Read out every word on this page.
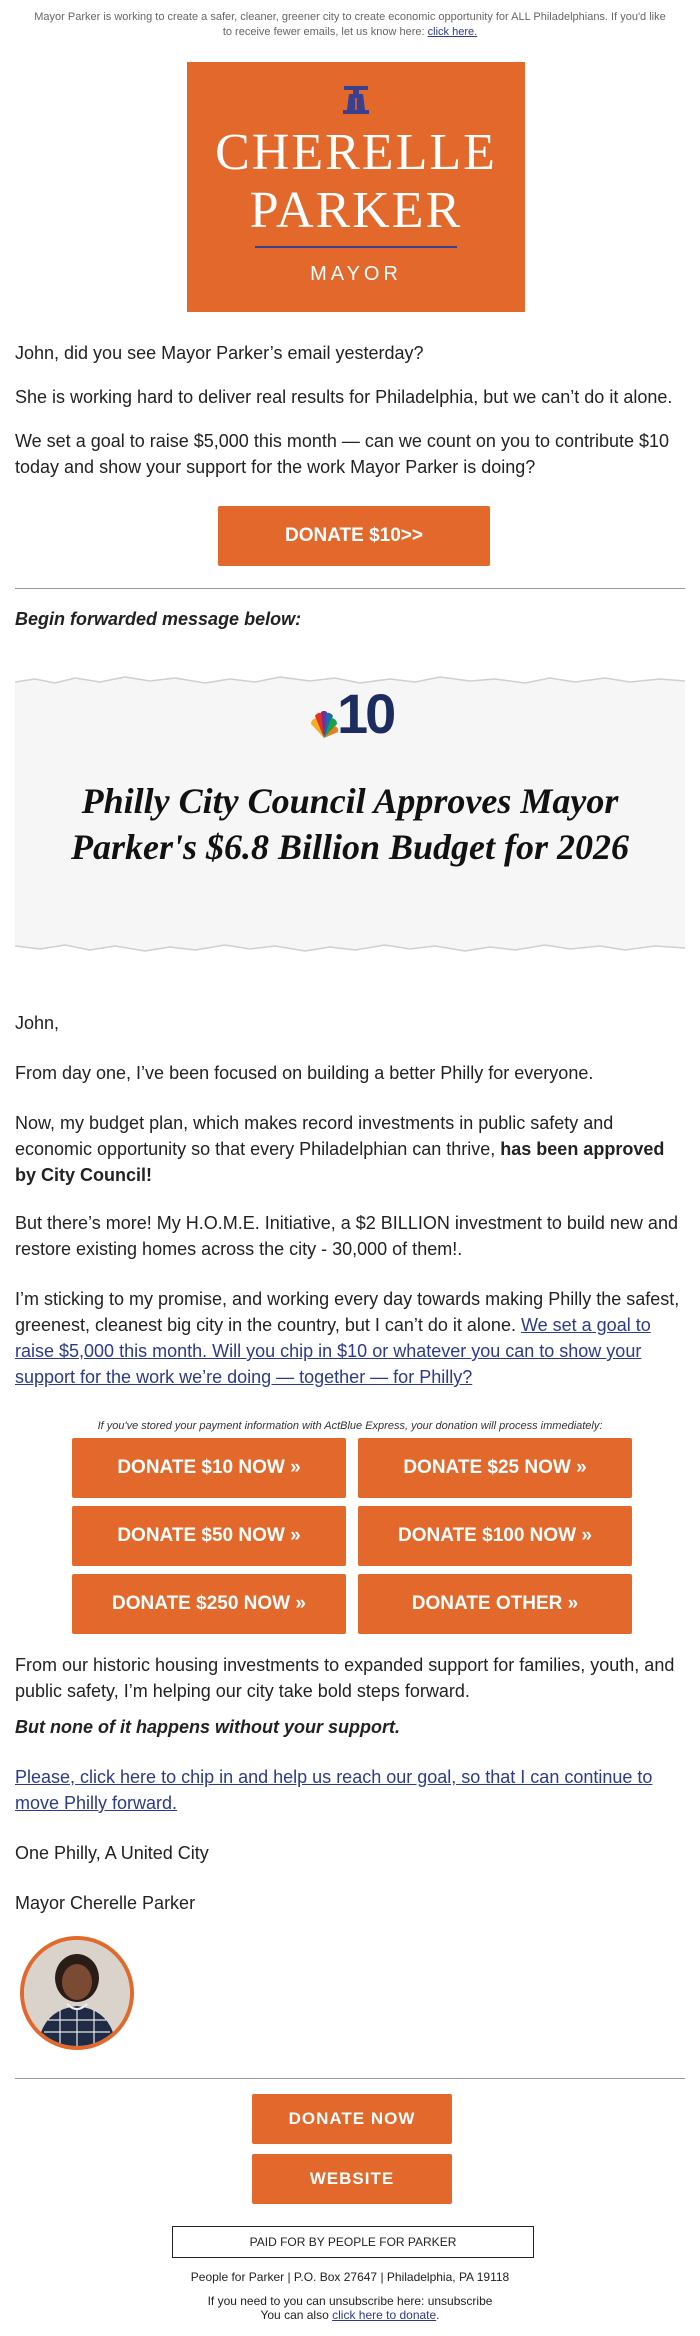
Mayor Parker is working to create a safer, cleaner, greener city to create economic opportunity for ALL Philadelphians. If you'd like to receive fewer emails, let us know here: click here.
CHERELLE
PARKER
MAYOR

John, did you see Mayor Parker’s email yesterday?

She is working hard to deliver real results for Philadelphia, but we can’t do it alone.

We set a goal to raise $5,000 this month — can we count on you to contribute $10 today and show your support for the work Mayor Parker is doing?

DONATE $10>>

Begin forwarded message below:

10
Philly City Council Approves Mayor Parker's $6.8 Billion Budget for 2026

John,

From day one, I’ve been focused on building a better Philly for everyone.

Now, my budget plan, which makes record investments in public safety and economic opportunity so that every Philadelphian can thrive, has been approved by City Council!

But there’s more! My H.O.M.E. Initiative, a $2 BILLION investment to build new and restore existing homes across the city - 30,000 of them!.

I’m sticking to my promise, and working every day towards making Philly the safest, greenest, cleanest big city in the country, but I can’t do it alone. We set a goal to raise $5,000 this month. Will you chip in $10 or whatever you can to show your support for the work we’re doing — together — for Philly?

If you've stored your payment information with ActBlue Express, your donation will process immediately:
DONATE $10 NOW »	DONATE $25 NOW »
DONATE $50 NOW »	DONATE $100 NOW »
DONATE $250 NOW »	DONATE OTHER »

From our historic housing investments to expanded support for families, youth, and public safety, I’m helping our city take bold steps forward.

But none of it happens without your support.

Please, click here to chip in and help us reach our goal, so that I can continue to move Philly forward.

One Philly, A United City

Mayor Cherelle Parker

DONATE NOW
WEBSITE
PAID FOR BY PEOPLE FOR PARKER
People for Parker | P.O. Box 27647 | Philadelphia, PA 19118
If you need to you can unsubscribe here: unsubscribe
You can also click here to donate.
